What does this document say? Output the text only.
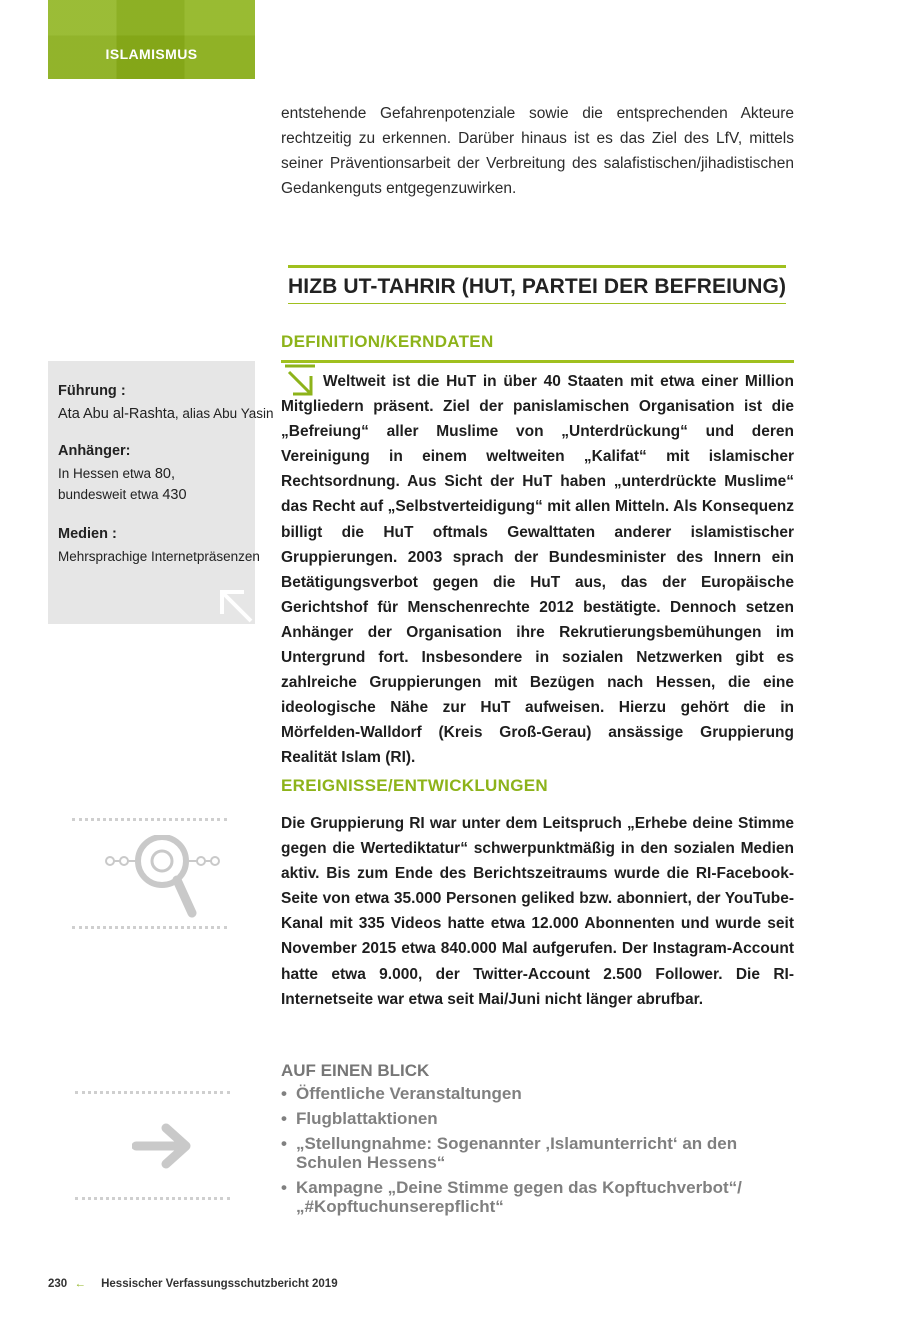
ISLAMISMUS

entstehende Gefahrenpotenziale sowie die entsprechenden Akteure rechtzeitig zu erkennen. Darüber hinaus ist es das Ziel des LfV, mittels seiner Präventionsarbeit der Verbreitung des salafistischen/jihadistischen Gedankenguts entgegenzuwirken.

HIZB UT-TAHRIR (HUT, PARTEI DER BEFREIUNG)
DEFINITION/KERNDATEN

Weltweit ist die HuT in über 40 Staaten mit etwa einer Million Mitgliedern präsent. Ziel der panislamischen Organisation ist die „Befreiung“ aller Muslime von „Unterdrückung“ und deren Vereinigung in einem weltweiten „Kalifat“ mit islamischer Rechtsordnung. Aus Sicht der HuT haben „unterdrückte Muslime“ das Recht auf „Selbstverteidigung“ mit allen Mitteln. Als Konsequenz billigt die HuT oftmals Gewalttaten anderer islamistischer Gruppierungen. 2003 sprach der Bundesminister des Innern ein Betätigungsverbot gegen die HuT aus, das der Europäische Gerichtshof für Menschenrechte 2012 bestätigte. Dennoch setzen Anhänger der Organisation ihre Rekrutierungsbemühungen im Untergrund fort. Insbesondere in sozialen Netzwerken gibt es zahlreiche Gruppierungen mit Bezügen nach Hessen, die eine ideologische Nähe zur HuT aufweisen. Hierzu gehört die in Mörfelden-Walldorf (Kreis Groß-Gerau) ansässige Gruppierung Realität Islam (RI).

Führung :
Ata Abu al-Rashta, alias Abu Yasin
Anhänger:
In Hessen etwa 80,
bundesweit etwa 430
Medien :
Mehrsprachige Internetpräsenzen
EREIGNISSE/ENTWICKLUNGEN

Die Gruppierung RI war unter dem Leitspruch „Erhebe deine Stimme gegen die Wertediktatur“ schwerpunktmäßig in den sozialen Medien aktiv. Bis zum Ende des Berichtszeitraums wurde die RI-Facebook-Seite von etwa 35.000 Personen geliked bzw. abonniert, der YouTube-Kanal mit 335 Videos hatte etwa 12.000 Abonnenten und wurde seit November 2015 etwa 840.000 Mal aufgerufen. Der Instagram-Account hatte etwa 9.000, der Twitter-Account 2.500 Follower. Die RI-Internetseite war etwa seit Mai/Juni nicht länger abrufbar.

AUF EINEN BLICK
• Öffentliche Veranstaltungen
• Flugblattaktionen
• „Stellungnahme: Sogenannter ‚Islamunterricht‘ an den Schulen Hessens“
• Kampagne „Deine Stimme gegen das Kopftuchverbot“/ „#Kopftuchunserepflicht“
230 ← Hessischer Verfassungsschutzbericht 2019
